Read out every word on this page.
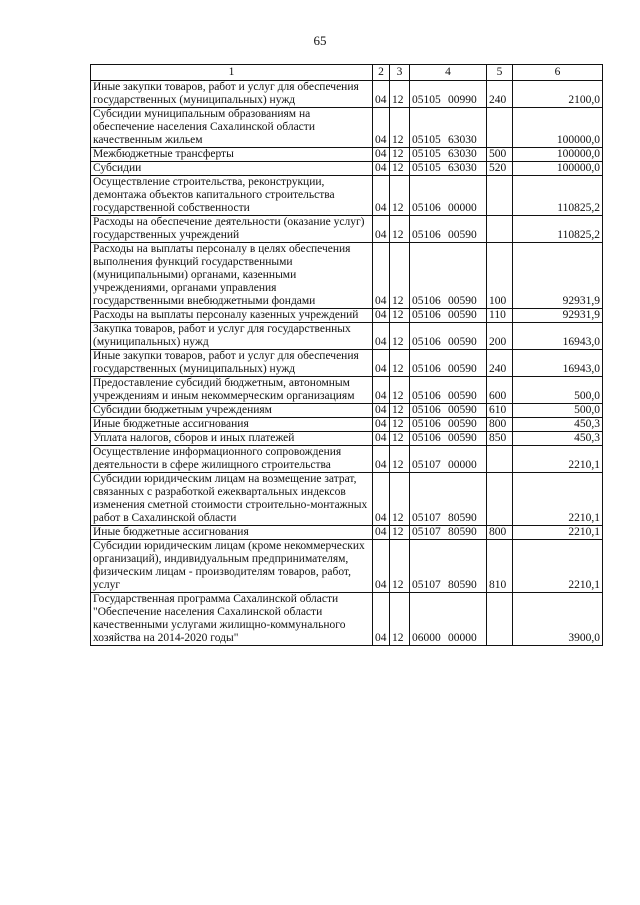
65
1	2	3	4	5	6
Иные закупки товаров, работ и услуг для обеспечения государственных (муниципальных) нужд	04	12	05105 00990	240	2100,0
Субсидии муниципальным образованиям на обеспечение населения Сахалинской области качественным жильем	04	12	05105 63030		100000,0
Межбюджетные трансферты	04	12	05105 63030	500	100000,0
Субсидии	04	12	05105 63030	520	100000,0
Осуществление строительства, реконструкции, демонтажа объектов капитального строительства государственной собственности	04	12	05106 00000		110825,2
Расходы на обеспечение деятельности (оказание услуг) государственных учреждений	04	12	05106 00590		110825,2
Расходы на выплаты персоналу в целях обеспечения выполнения функций государственными (муниципальными) органами, казенными учреждениями, органами управления государственными внебюджетными фондами	04	12	05106 00590	100	92931,9
Расходы на выплаты персоналу казенных учреждений	04	12	05106 00590	110	92931,9
Закупка товаров, работ и услуг для государственных (муниципальных) нужд	04	12	05106 00590	200	16943,0
Иные закупки товаров, работ и услуг для обеспечения государственных (муниципальных) нужд	04	12	05106 00590	240	16943,0
Предоставление субсидий бюджетным, автономным учреждениям и иным некоммерческим организациям	04	12	05106 00590	600	500,0
Субсидии бюджетным учреждениям	04	12	05106 00590	610	500,0
Иные бюджетные ассигнования	04	12	05106 00590	800	450,3
Уплата налогов, сборов и иных платежей	04	12	05106 00590	850	450,3
Осуществление информационного сопровождения деятельности в сфере жилищного строительства	04	12	05107 00000		2210,1
Субсидии юридическим лицам на возмещение затрат, связанных с разработкой ежеквартальных индексов изменения сметной стоимости строительно-монтажных работ в Сахалинской области	04	12	05107 80590		2210,1
Иные бюджетные ассигнования	04	12	05107 80590	800	2210,1
Субсидии юридическим лицам (кроме некоммерческих организаций), индивидуальным предпринимателям, физическим лицам - производителям товаров, работ, услуг	04	12	05107 80590	810	2210,1
Государственная программа Сахалинской области "Обеспечение населения Сахалинской области качественными услугами жилищно-коммунального хозяйства на 2014-2020 годы"	04	12	06000 00000		3900,0
